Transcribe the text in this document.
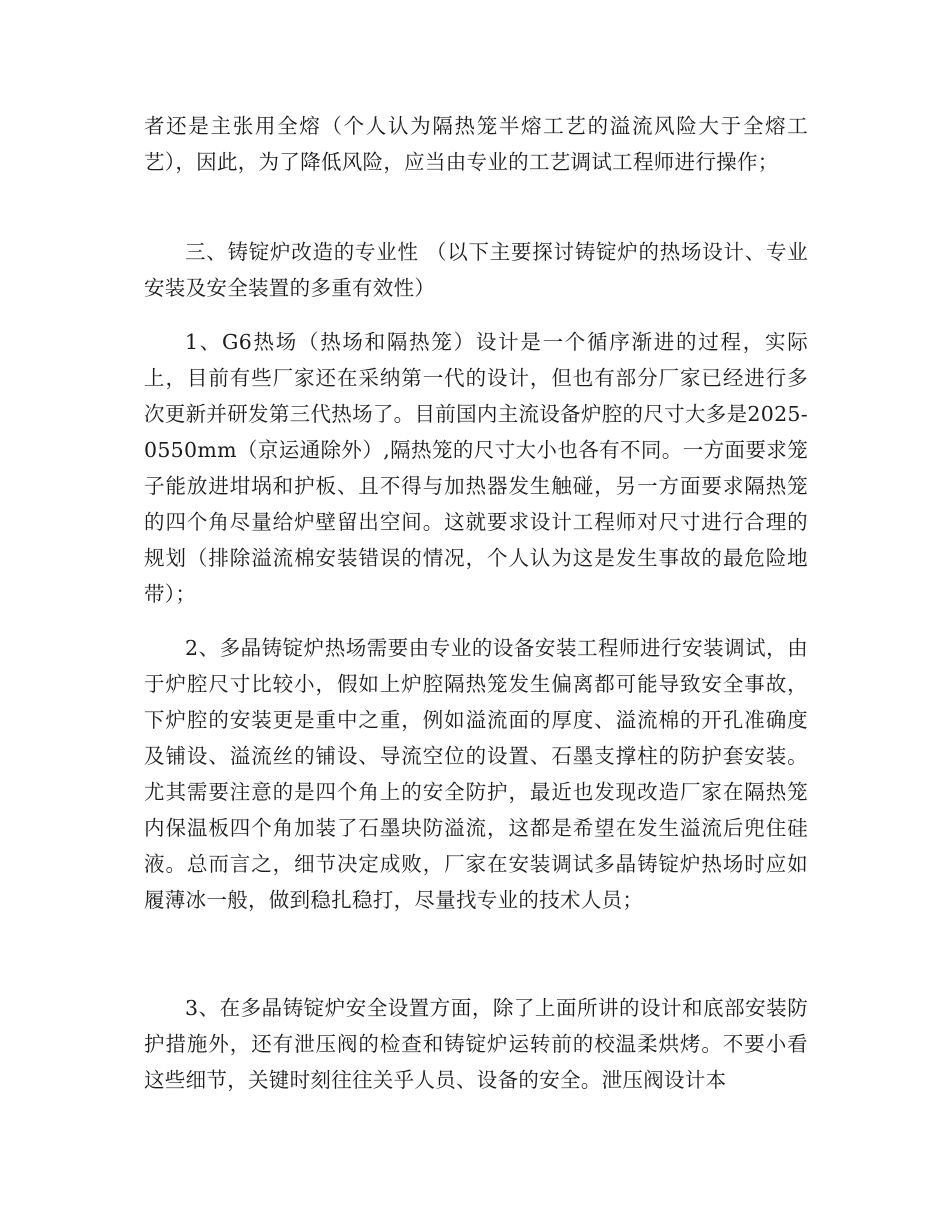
者还是主张用全熔（个人认为隔热笼半熔工艺的溢流风险大于全熔工艺），因此，为了降低风险，应当由专业的工艺调试工程师进行操作；

三、铸锭炉改造的专业性 （以下主要探讨铸锭炉的热场设计、专业安装及安全装置的多重有效性）

1、G6热场（热场和隔热笼）设计是一个循序渐进的过程，实际上，目前有些厂家还在采纳第一代的设计，但也有部分厂家已经进行多次更新并研发第三代热场了。目前国内主流设备炉腔的尺寸大多是2025-0550mm（京运通除外）,隔热笼的尺寸大小也各有不同。一方面要求笼子能放进坩埚和护板、且不得与加热器发生触碰，另一方面要求隔热笼的四个角尽量给炉壁留出空间。这就要求设计工程师对尺寸进行合理的规划（排除溢流棉安装错误的情况，个人认为这是发生事故的最危险地带）；

2、多晶铸锭炉热场需要由专业的设备安装工程师进行安装调试，由于炉腔尺寸比较小，假如上炉腔隔热笼发生偏离都可能导致安全事故，下炉腔的安装更是重中之重，例如溢流面的厚度、溢流棉的开孔准确度及铺设、溢流丝的铺设、导流空位的设置、石墨支撑柱的防护套安装。尤其需要注意的是四个角上的安全防护，最近也发现改造厂家在隔热笼内保温板四个角加装了石墨块防溢流，这都是希望在发生溢流后兜住硅液。总而言之，细节决定成败，厂家在安装调试多晶铸锭炉热场时应如履薄冰一般，做到稳扎稳打，尽量找专业的技术人员；

3、在多晶铸锭炉安全设置方面，除了上面所讲的设计和底部安装防护措施外，还有泄压阀的检查和铸锭炉运转前的校温柔烘烤。不要小看这些细节，关键时刻往往关乎人员、设备的安全。泄压阀设计本
